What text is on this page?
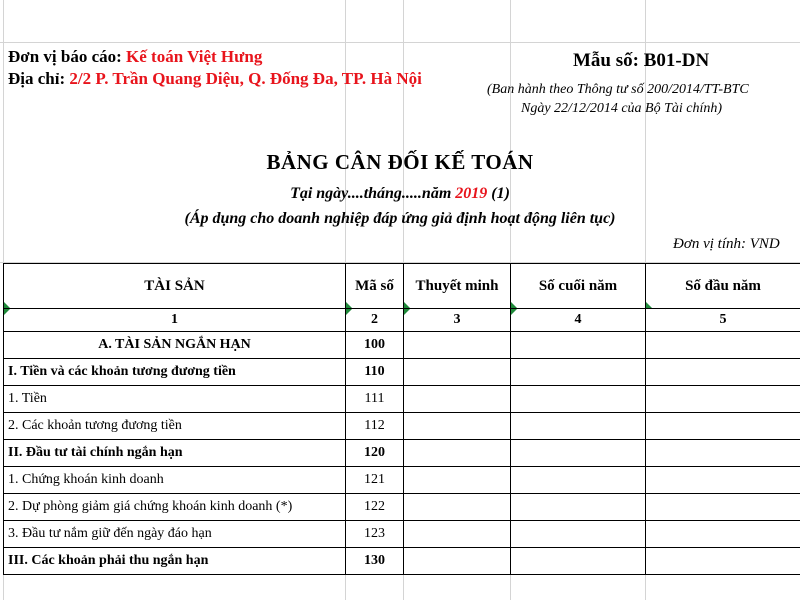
Đơn vị báo cáo: Kế toán Việt Hưng
Địa chỉ: 2/2 P. Trần Quang Diệu, Q. Đống Đa, TP. Hà Nội
Mẫu số: B01-DN
(Ban hành theo Thông tư số 200/2014/TT-BTC
Ngày 22/12/2014 của Bộ Tài chính)
BẢNG CÂN ĐỐI KẾ TOÁN
Tại ngày....tháng.....năm 2019 (1)
(Áp dụng cho doanh nghiệp đáp ứng giả định hoạt động liên tục)
Đơn vị tính: VND
TÀI SẢN	Mã số	Thuyết minh	Số cuối năm	Số đầu năm

1	2	3	4	5
A. TÀI SẢN NGẮN HẠN	100			
I. Tiền và các khoản tương đương tiền	110			
1. Tiền	111			
2. Các khoản tương đương tiền	112			
II. Đầu tư tài chính ngắn hạn	120			
1. Chứng khoán kinh doanh	121			
2. Dự phòng giảm giá chứng khoán kinh doanh (*)	122			
3. Đầu tư nắm giữ đến ngày đáo hạn	123			
III. Các khoản phải thu ngắn hạn	130			
